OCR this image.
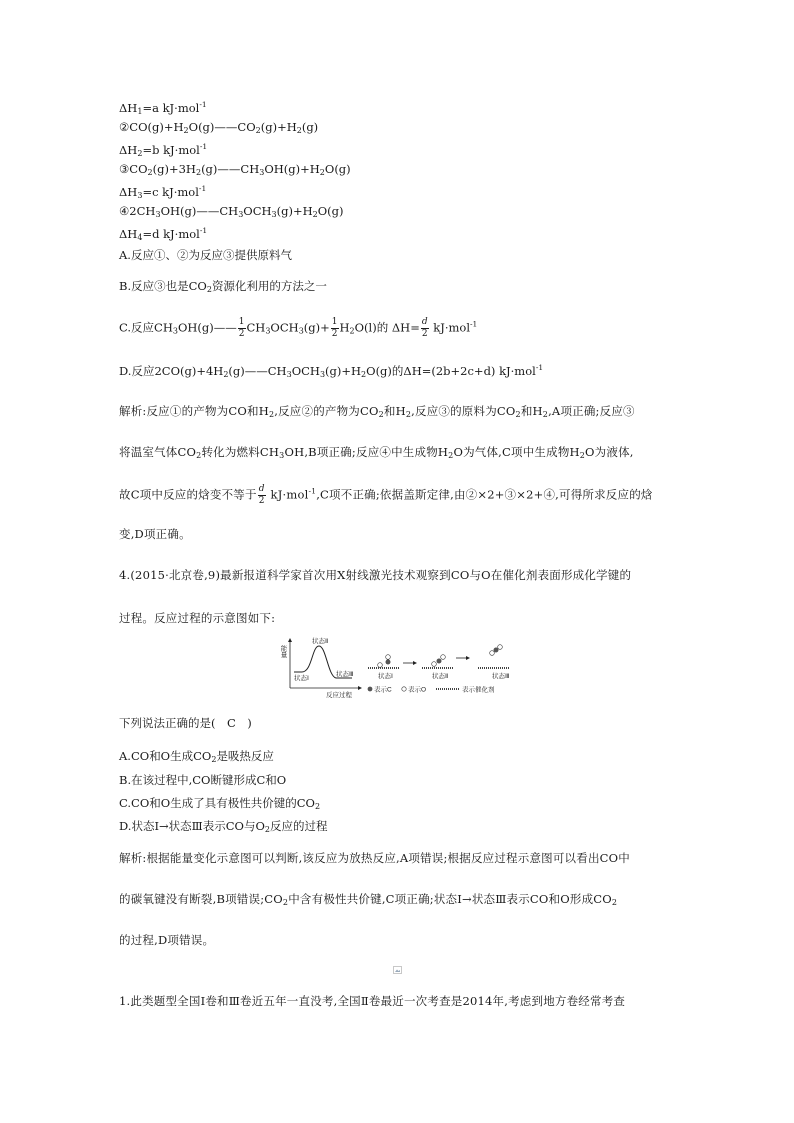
$\Delta H_1=a$ kJ·mol$^{-1}$
$②CO(g)+H_2O(g)——CO_2(g)+H_2(g)$
$\Delta H_2=b$ kJ·mol$^{-1}$
$③CO_2(g)+3H_2(g)——CH_3OH(g)+H_2O(g)$
$\Delta H_3=c$ kJ·mol$^{-1}$
$④2CH_3OH(g)——CH_3OCH_3(g)+H_2O(g)$
$\Delta H_4=d$ kJ·mol$^{-1}$
A.反应①、②为反应③提供原料气
B.反应③也是$CO_2$资源化利用的方法之一
C.反应$CH_3OH(g)—— \frac{1}{2} CH_3OCH_3(g)+ \frac{1}{2} H_2O(l)$的 $\Delta H= \frac{d}{2} kJ\cdot mol^{-1}$
D.反应$2CO(g)+4H_2(g)——CH_3OCH_3(g)+H_2O(g)$的ΔH=(2b+2c+d) kJ·mol$^{-1}$
解析:反应①的产物为CO和$H_2$,反应②的产物为$CO_2$和$H_2$,反应③的原料为$CO_2$和$H_2,A$项正确;反应③
将温室气体$CO_2$转化为燃料$CH_3OH,B$项正确;反应④中生成物$H_2O$为气体,C项中生成物$H_2O$为液体,
故C项中反应的焓变不等于 $\frac{d}{2} kJ\cdot mol^{-1},C$项不正确;依据盖斯定律,由②×2+③×2+④,可得所求反应的焓
变,D项正确。
4.(2015·北京卷,9)最新报道科学家首次用X射线激光技术观察到CO与O在催化剂表面形成化学键的
过程。反应过程的示意图如下:
能量
状态Ⅰ
状态Ⅱ
状态Ⅲ
反应过程
状态Ⅰ	状态Ⅱ	状态Ⅲ
表示C	表示O	表示催化剂
下列说法正确的是(　C　)
A.CO和O生成$CO_2$是吸热反应
B.在该过程中,CO断键形成C和O
C.CO和O生成了具有极性共价键的$CO_2$
D.状态Ⅰ→状态Ⅲ表示CO与$O_2$反应的过程
解析:根据能量变化示意图可以判断,该反应为放热反应,A项错误;根据反应过程示意图可以看出CO中
的碳氧键没有断裂,B项错误$;CO_2$中含有极性共价键,C项正确;状态Ⅰ→状态Ⅲ表示CO和O形成$CO_2$
的过程,D项错误。
1.此类题型全国Ⅰ卷和Ⅲ卷近五年一直没考,全国Ⅱ卷最近一次考查是2014年,考虑到地方卷经常考查
